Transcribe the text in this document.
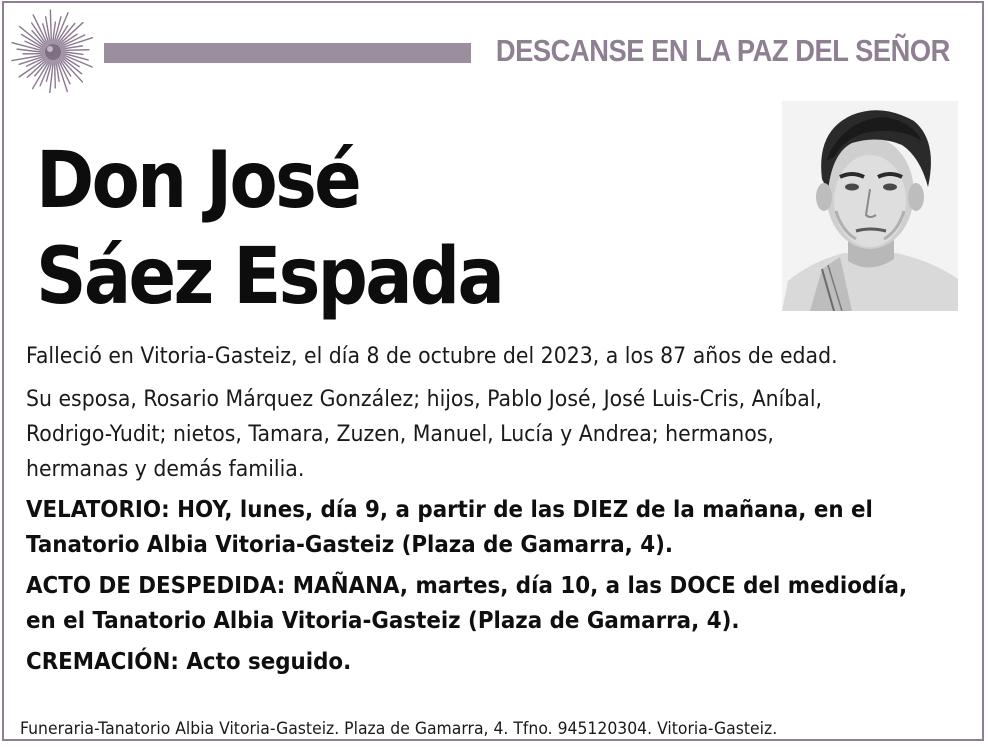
DESCANSE EN LA PAZ DEL SEÑOR
Don José
Sáez Espada

Falleció en Vitoria-Gasteiz, el día 8 de octubre del 2023, a los 87 años de edad.

Su esposa, Rosario Márquez González; hijos, Pablo José, José Luis-Cris, Aníbal,

Rodrigo-Yudit; nietos, Tamara, Zuzen, Manuel, Lucía y Andrea; hermanos,

hermanas y demás familia.

VELATORIO: HOY, lunes, día 9, a partir de las DIEZ de la mañana, en el

Tanatorio Albia Vitoria-Gasteiz (Plaza de Gamarra, 4).

ACTO DE DESPEDIDA: MAÑANA, martes, día 10, a las DOCE del mediodía,

en el Tanatorio Albia Vitoria-Gasteiz (Plaza de Gamarra, 4).

CREMACIÓN: Acto seguido.

Funeraria-Tanatorio Albia Vitoria-Gasteiz. Plaza de Gamarra, 4. Tfno. 945120304. Vitoria-Gasteiz.
